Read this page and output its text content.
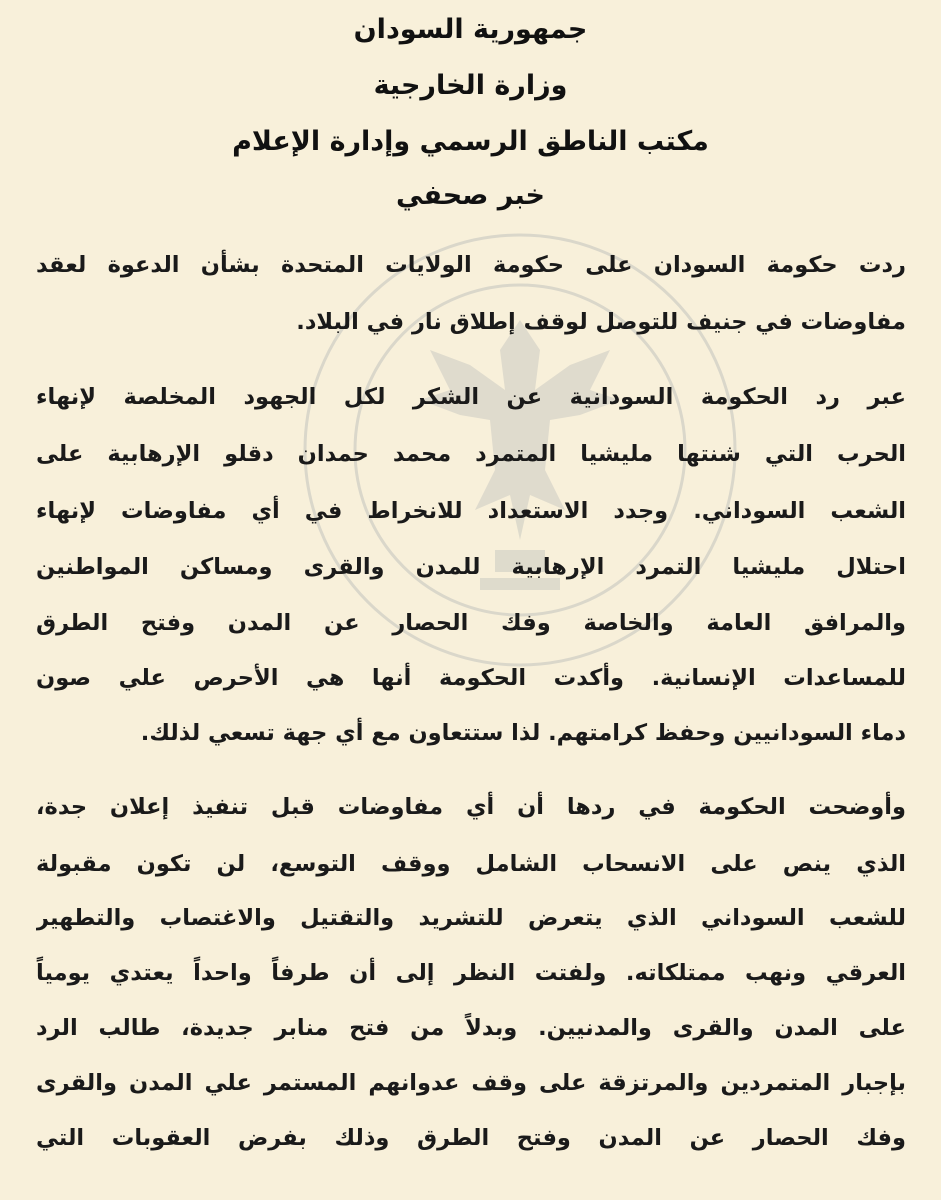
جمهورية السودان
وزارة الخارجية
مكتب الناطق الرسمي وإدارة الإعلام
خبر صحفي
ردت حكومة السودان على حكومة الولايات المتحدة بشأن الدعوة لعقد
مفاوضات في جنيف للتوصل لوقف إطلاق نار في البلاد.
عبر رد الحكومة السودانية عن الشكر لكل الجهود المخلصة لإنهاء
الحرب التي شنتها مليشيا المتمرد محمد حمدان دقلو الإرهابية على
الشعب السوداني. وجدد الاستعداد للانخراط في أي مفاوضات لإنهاء
احتلال مليشيا التمرد الإرهابية للمدن والقرى ومساكن المواطنين
والمرافق العامة والخاصة وفك الحصار عن المدن وفتح الطرق
للمساعدات الإنسانية. وأكدت الحكومة أنها هي الأحرص علي صون
دماء السودانيين وحفظ كرامتهم. لذا ستتعاون مع أي جهة تسعي لذلك.
وأوضحت الحكومة في ردها أن أي مفاوضات قبل تنفيذ إعلان جدة،
الذي ينص على الانسحاب الشامل ووقف التوسع، لن تكون مقبولة
للشعب السوداني الذي يتعرض للتشريد والتقتيل والاغتصاب والتطهير
العرقي ونهب ممتلكاته. ولفتت النظر إلى أن طرفاً واحداً يعتدي يومياً
على المدن والقرى والمدنيين. وبدلاً من فتح منابر جديدة، طالب الرد
بإجبار المتمردين والمرتزقة على وقف عدوانهم المستمر علي المدن والقرى
وفك الحصار عن المدن وفتح الطرق وذلك بفرض العقوبات التي
